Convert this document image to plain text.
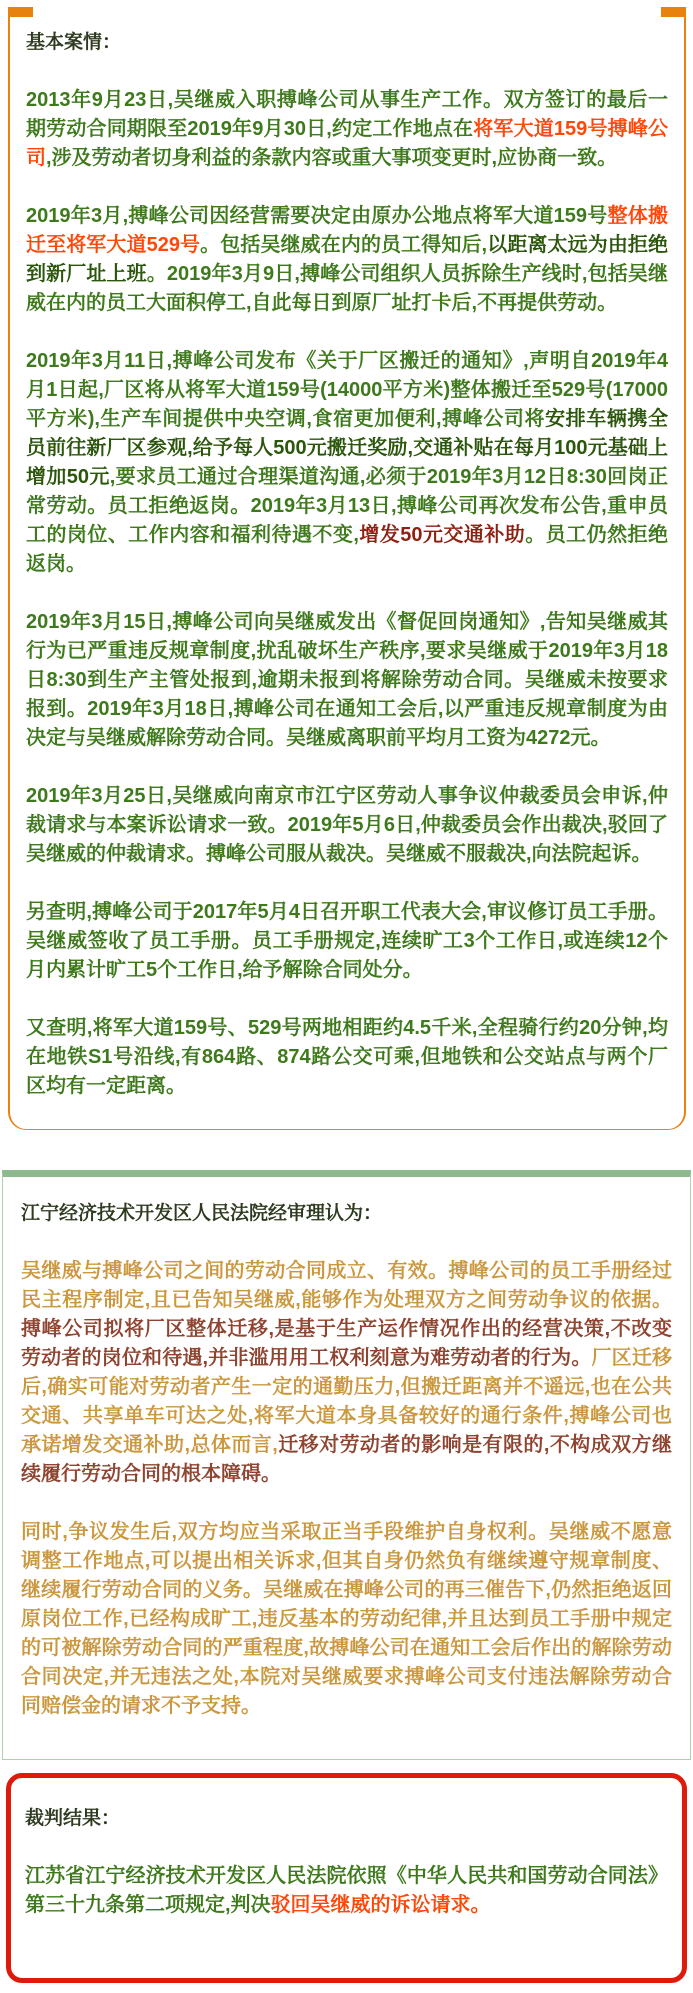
基本案情：

2013年9月23日,吴继威入职搏峰公司从事生产工作。双方签订的最后一期劳动合同期限至2019年9月30日,约定工作地点在将军大道159号搏峰公司,涉及劳动者切身利益的条款内容或重大事项变更时,应协商一致。

2019年3月,搏峰公司因经营需要决定由原办公地点将军大道159号整体搬迁至将军大道529号。包括吴继威在内的员工得知后,以距离太远为由拒绝到新厂址上班。2019年3月9日,搏峰公司组织人员拆除生产线时,包括吴继威在内的员工大面积停工,自此每日到原厂址打卡后,不再提供劳动。

2019年3月11日,搏峰公司发布《关于厂区搬迁的通知》,声明自2019年4月1日起,厂区将从将军大道159号(14000平方米)整体搬迁至529号(17000平方米),生产车间提供中央空调,食宿更加便利,搏峰公司将安排车辆携全员前往新厂区参观,给予每人500元搬迁奖励,交通补贴在每月100元基础上增加50元,要求员工通过合理渠道沟通,必须于2019年3月12日8:30回岗正常劳动。员工拒绝返岗。2019年3月13日,搏峰公司再次发布公告,重申员工的岗位、工作内容和福利待遇不变,增发50元交通补助。员工仍然拒绝返岗。

2019年3月15日,搏峰公司向吴继威发出《督促回岗通知》,告知吴继威其行为已严重违反规章制度,扰乱破坏生产秩序,要求吴继威于2019年3月18日8:30到生产主管处报到,逾期未报到将解除劳动合同。吴继威未按要求报到。2019年3月18日,搏峰公司在通知工会后,以严重违反规章制度为由决定与吴继威解除劳动合同。吴继威离职前平均月工资为4272元。

2019年3月25日,吴继威向南京市江宁区劳动人事争议仲裁委员会申诉,仲裁请求与本案诉讼请求一致。2019年5月6日,仲裁委员会作出裁决,驳回了吴继威的仲裁请求。搏峰公司服从裁决。吴继威不服裁决,向法院起诉。

另查明,搏峰公司于2017年5月4日召开职工代表大会,审议修订员工手册。吴继威签收了员工手册。员工手册规定,连续旷工3个工作日,或连续12个月内累计旷工5个工作日,给予解除合同处分。

又查明,将军大道159号、529号两地相距约4.5千米,全程骑行约20分钟,均在地铁S1号沿线,有864路、874路公交可乘,但地铁和公交站点与两个厂区均有一定距离。

江宁经济技术开发区人民法院经审理认为：

吴继威与搏峰公司之间的劳动合同成立、有效。搏峰公司的员工手册经过民主程序制定,且已告知吴继威,能够作为处理双方之间劳动争议的依据。搏峰公司拟将厂区整体迁移,是基于生产运作情况作出的经营决策,不改变劳动者的岗位和待遇,并非滥用用工权利刻意为难劳动者的行为。厂区迁移后,确实可能对劳动者产生一定的通勤压力,但搬迁距离并不遥远,也在公共交通、共享单车可达之处,将军大道本身具备较好的通行条件,搏峰公司也承诺增发交通补助,总体而言,迁移对劳动者的影响是有限的,不构成双方继续履行劳动合同的根本障碍。

同时,争议发生后,双方均应当采取正当手段维护自身权利。吴继威不愿意调整工作地点,可以提出相关诉求,但其自身仍然负有继续遵守规章制度、继续履行劳动合同的义务。吴继威在搏峰公司的再三催告下,仍然拒绝返回原岗位工作,已经构成旷工,违反基本的劳动纪律,并且达到员工手册中规定的可被解除劳动合同的严重程度,故搏峰公司在通知工会后作出的解除劳动合同决定,并无违法之处,本院对吴继威要求搏峰公司支付违法解除劳动合同赔偿金的请求不予支持。

裁判结果：

江苏省江宁经济技术开发区人民法院依照《中华人民共和国劳动合同法》第三十九条第二项规定,判决驳回吴继威的诉讼请求。
